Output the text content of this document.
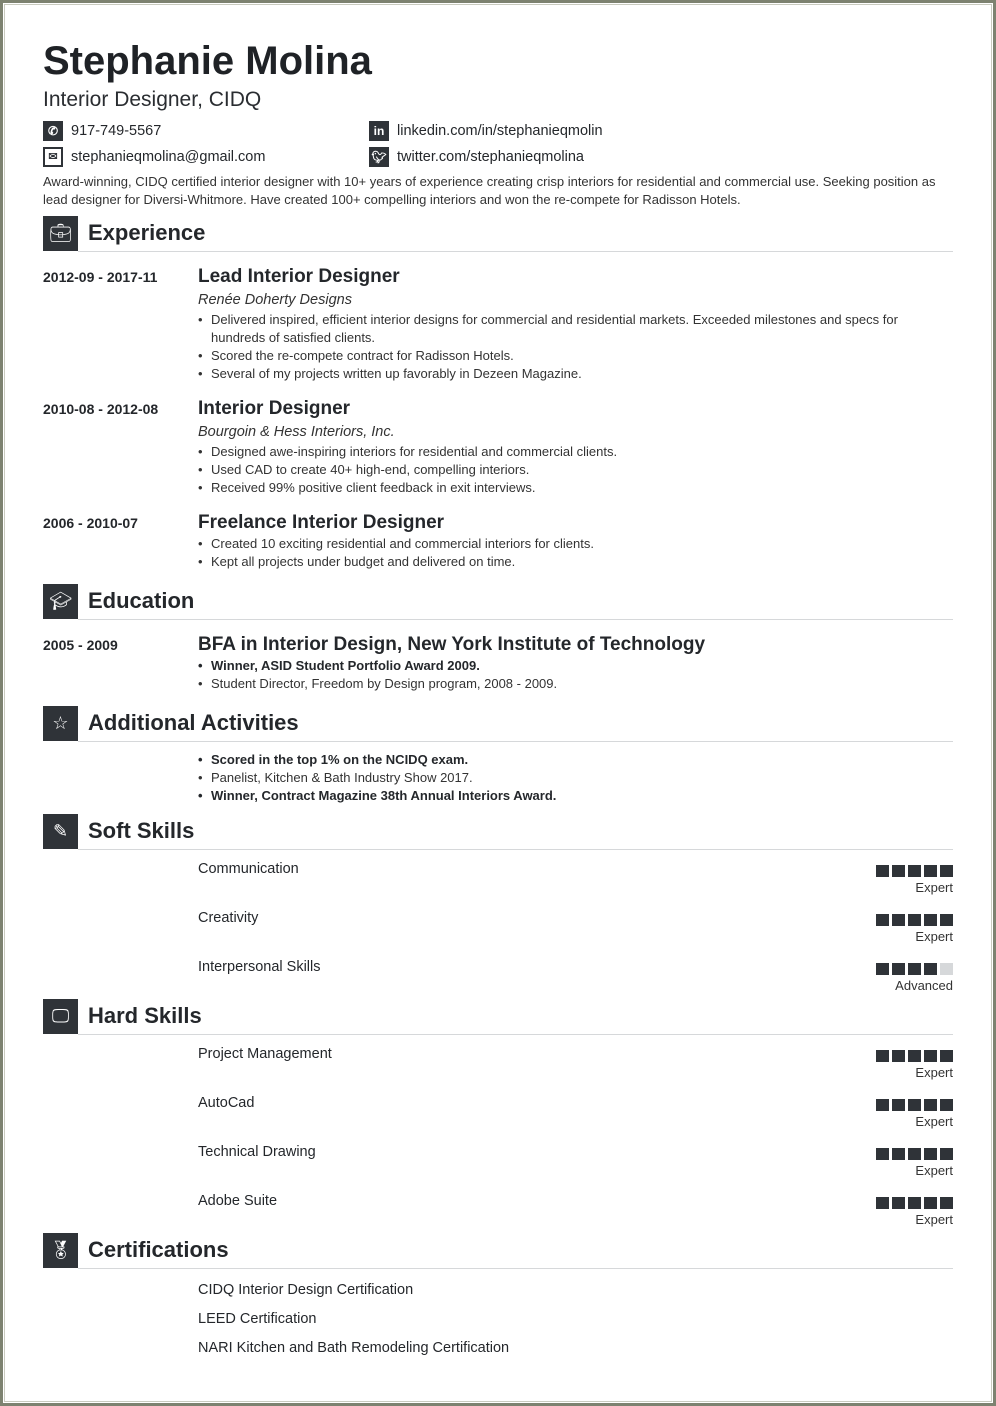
Stephanie Molina
Interior Designer, CIDQ
✆ 917-749-5567	in linkedin.com/in/stephanieqmolin
✉ stephanieqmolina@gmail.com	🐦︎ twitter.com/stephanieqmolina
Award-winning, CIDQ certified interior designer with 10+ years of experience creating crisp interiors for residential and commercial use. Seeking position as lead designer for Diversi-Whitmore. Have created 100+ compelling interiors and won the re-compete for Radisson Hotels.
💼︎ Experience
2012-09 - 2017-11	Lead Interior Designer
Renée Doherty Designs
• Delivered inspired, efficient interior designs for commercial and residential markets. Exceeded milestones and specs for hundreds of satisfied clients.
• Scored the re-compete contract for Radisson Hotels.
• Several of my projects written up favorably in Dezeen Magazine.
2010-08 - 2012-08	Interior Designer
Bourgoin & Hess Interiors, Inc.
• Designed awe-inspiring interiors for residential and commercial clients.
• Used CAD to create 40+ high-end, compelling interiors.
• Received 99% positive client feedback in exit interviews.
2006 - 2010-07	Freelance Interior Designer
• Created 10 exciting residential and commercial interiors for clients.
• Kept all projects under budget and delivered on time.
🎓︎ Education
2005 - 2009	BFA in Interior Design, New York Institute of Technology
• Winner, ASID Student Portfolio Award 2009.
• Student Director, Freedom by Design program, 2008 - 2009.
☆ Additional Activities
• Scored in the top 1% on the NCIDQ exam.
• Panelist, Kitchen & Bath Industry Show 2017.
• Winner, Contract Magazine 38th Annual Interiors Award.
✎ Soft Skills
Communication
Expert
Creativity
Expert
Interpersonal Skills
Advanced
🖵︎ Hard Skills
Project Management
Expert
AutoCad
Expert
Technical Drawing
Expert
Adobe Suite
Expert
🏅︎ Certifications
CIDQ Interior Design Certification
LEED Certification
NARI Kitchen and Bath Remodeling Certification
